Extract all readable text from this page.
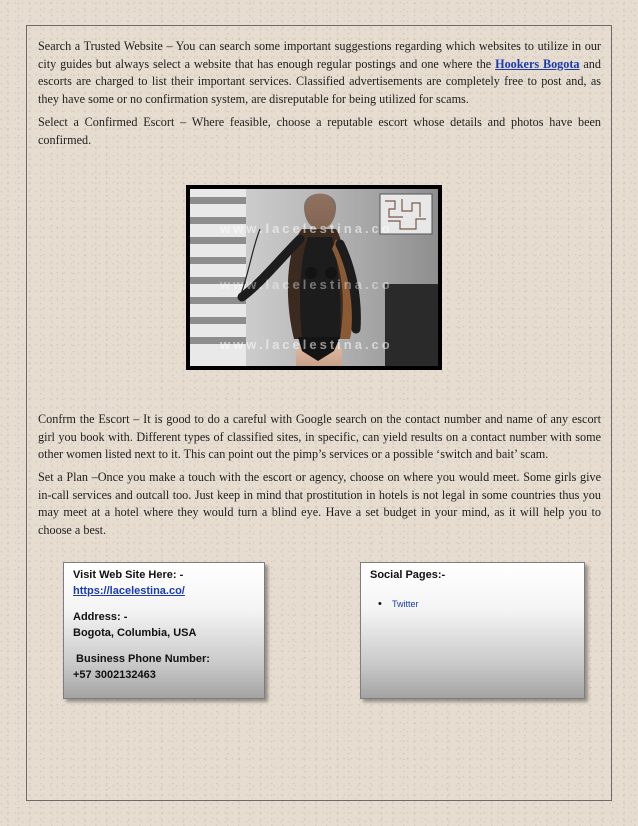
Search a Trusted Website – You can search some important suggestions regarding which websites to utilize in our city guides but always select a website that has enough regular postings and one where the Hookers Bogota and escorts are charged to list their important services. Classified advertisements are completely free to post and, as they have some or no confirmation system, are disreputable for being utilized for scams.

Select a Confirmed Escort – Where feasible, choose a reputable escort whose details and photos have been confirmed.

www.lacelestina.co
www.lacelestina.co
www.lacelestina.co

Confrm the Escort – It is good to do a careful with Google search on the contact number and name of any escort girl you book with. Different types of classified sites, in specific, can yield results on a contact number with some other women listed next to it. This can point out the pimp’s services or a possible ‘switch and bait’ scam.

Set a Plan –Once you make a touch with the escort or agency, choose on where you would meet. Some girls give in-call services and outcall too. Just keep in mind that prostitution in hotels is not legal in some countries thus you may meet at a hotel where they would turn a blind eye. Have a set budget in your mind, as it will help you to choose a best.

Visit Web Site Here: -
https://lacelestina.co/
Address: -
Bogota, Columbia, USA
Business Phone Number:
+57 3002132463
Social Pages:-
• Twitter
